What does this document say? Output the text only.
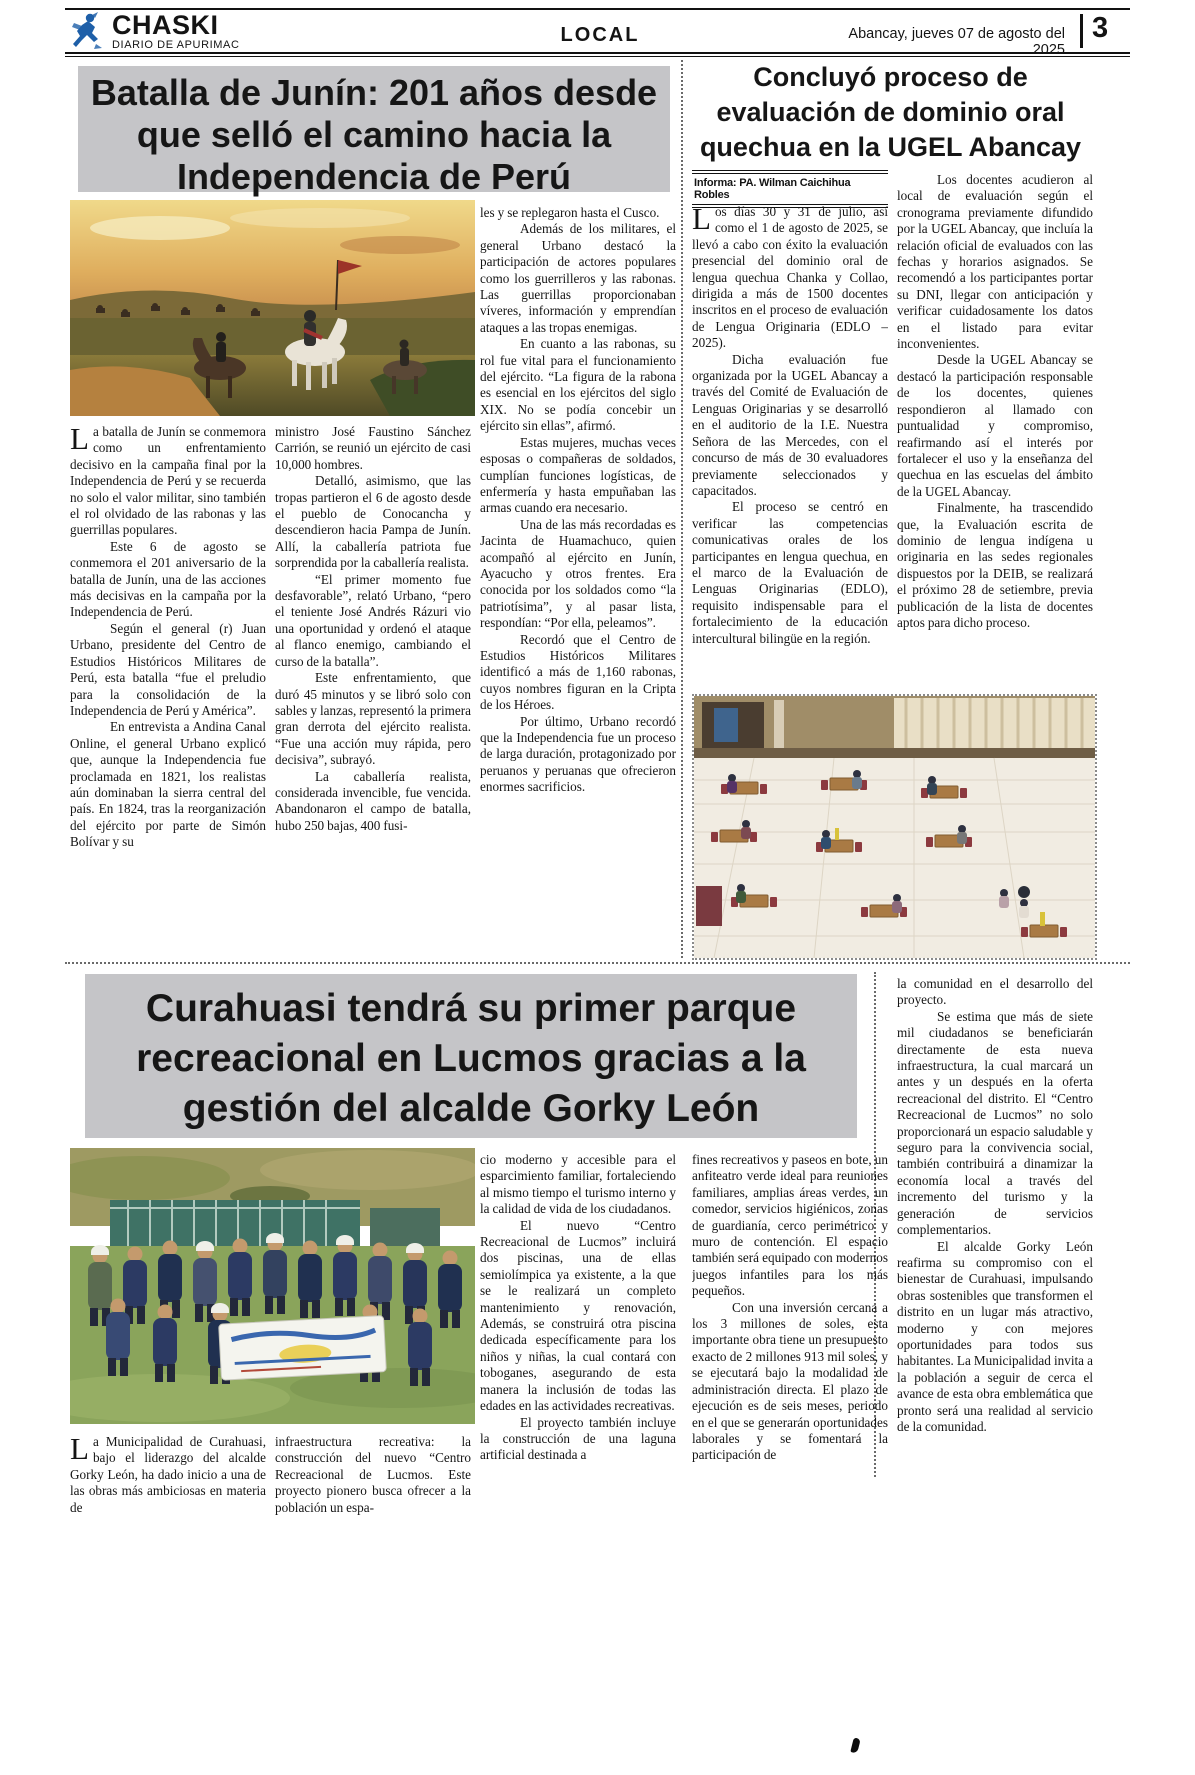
CHASKI
DIARIO DE APURIMAC	LOCAL	Abancay, jueves 07 de agosto del 2025
3
Batalla de Junín: 201 años desde que selló el camino hacia la Independencia de Perú

La batalla de Junín se conmemora como un enfrentamiento decisivo en la campaña final por la Independencia de Perú y se recuerda no solo el valor militar, sino también el rol olvidado de las rabonas y las guerrillas populares.

Este 6 de agosto se conmemora el 201 aniversario de la batalla de Junín, una de las acciones más decisivas en la campaña por la Independencia de Perú.

Según el general (r) Juan Urbano, presidente del Centro de Estudios Históricos Militares de Perú, esta batalla “fue el preludio para la consolidación de la Independencia de Perú y América”.

En entrevista a Andina Canal Online, el general Urbano explicó que, aunque la Independencia fue proclamada en 1821, los realistas aún dominaban la sierra central del país. En 1824, tras la reorganización del ejército por parte de Simón Bolívar y su

ministro José Faustino Sánchez Carrión, se reunió un ejército de casi 10,000 hombres.

Detalló, asimismo, que las tropas partieron el 6 de agosto desde el pueblo de Conocancha y descendieron hacia Pampa de Junín. Allí, la caballería patriota fue sorprendida por la caballería realista.

“El primer momento fue desfavorable”, relató Urbano, “pero el teniente José Andrés Rázuri vio una oportunidad y ordenó el ataque al flanco enemigo, cambiando el curso de la batalla”.

Este enfrentamiento, que duró 45 minutos y se libró solo con sables y lanzas, representó la primera gran derrota del ejército realista. “Fue una acción muy rápida, pero decisiva”, subrayó.

La caballería realista, considerada invencible, fue vencida. Abandonaron el campo de batalla, hubo 250 bajas, 400 fusi-

les y se replegaron hasta el Cusco.

Además de los militares, el general Urbano destacó la participación de actores populares como los guerrilleros y las rabonas. Las guerrillas proporcionaban víveres, información y emprendían ataques a las tropas enemigas.

En cuanto a las rabonas, su rol fue vital para el funcionamiento del ejército. “La figura de la rabona es esencial en los ejércitos del siglo XIX. No se podía concebir un ejército sin ellas”, afirmó.

Estas mujeres, muchas veces esposas o compañeras de soldados, cumplían funciones logísticas, de enfermería y hasta empuñaban las armas cuando era necesario.

Una de las más recordadas es Jacinta de Huamachuco, quien acompañó al ejército en Junín, Ayacucho y otros frentes. Era conocida por los soldados como “la patriotísima”, y al pasar lista, respondían: “Por ella, peleamos”.

Recordó que el Centro de Estudios Históricos Militares identificó a más de 1,160 rabonas, cuyos nombres figuran en la Cripta de los Héroes.

Por último, Urbano recordó que la Independencia fue un proceso de larga duración, protagonizado por peruanos y peruanas que ofrecieron enormes sacrificios.

Concluyó proceso de evaluación de dominio oral quechua en la UGEL Abancay
Informa: PA. Wilman Caichihua Robles

Los días 30 y 31 de julio, así como el 1 de agosto de 2025, se llevó a cabo con éxito la evaluación presencial del dominio oral de lengua quechua Chanka y Collao, dirigida a más de 1500 docentes inscritos en el proceso de evaluación de Lengua Originaria (EDLO – 2025).

Dicha evaluación fue organizada por la UGEL Abancay a través del Comité de Evaluación de Lenguas Originarias y se desarrolló en el auditorio de la I.E. Nuestra Señora de las Mercedes, con el concurso de más de 30 evaluadores previamente seleccionados y capacitados.

El proceso se centró en verificar las competencias comunicativas orales de los participantes en lengua quechua, en el marco de la Evaluación de Lenguas Originarias (EDLO), requisito indispensable para el fortalecimiento de la educación intercultural bilingüe en la región.

Los docentes acudieron al local de evaluación según el cronograma previamente difundido por la UGEL Abancay, que incluía la relación oficial de evaluados con las fechas y horarios asignados. Se recomendó a los participantes portar su DNI, llegar con anticipación y verificar cuidadosamente los datos en el listado para evitar inconvenientes.

Desde la UGEL Abancay se destacó la participación responsable de los docentes, quienes respondieron al llamado con puntualidad y compromiso, reafirmando así el interés por fortalecer el uso y la enseñanza del quechua en las escuelas del ámbito de la UGEL Abancay.

Finalmente, ha trascendido que, la Evaluación escrita de dominio de lengua indígena u originaria en las sedes regionales dispuestos por la DEIB, se realizará el próximo 28 de setiembre, previa publicación de la lista de docentes aptos para dicho proceso.

Curahuasi tendrá su primer parque recreacional en Lucmos gracias a la gestión del alcalde Gorky León

la comunidad en el desarrollo del proyecto.

Se estima que más de siete mil ciudadanos se beneficiarán directamente de esta nueva infraestructura, la cual marcará un antes y un después en la oferta recreacional del distrito. El “Centro Recreacional de Lucmos” no solo proporcionará un espacio saludable y seguro para la convivencia social, también contribuirá a dinamizar la economía local a través del incremento del turismo y la generación de servicios complementarios.

El alcalde Gorky León reafirma su compromiso con el bienestar de Curahuasi, impulsando obras sostenibles que transformen el distrito en un lugar más atractivo, moderno y con mejores oportunidades para todos sus habitantes. La Municipalidad invita a la población a seguir de cerca el avance de esta obra emblemática que pronto será una realidad al servicio de la comunidad.

La Municipalidad de Curahuasi, bajo el liderazgo del alcalde Gorky León, ha dado inicio a una de las obras más ambiciosas en materia de

infraestructura recreativa: la construcción del nuevo “Centro Recreacional de Lucmos. Este proyecto pionero busca ofrecer a la población un espa-

cio moderno y accesible para el esparcimiento familiar, fortaleciendo al mismo tiempo el turismo interno y la calidad de vida de los ciudadanos.

El nuevo “Centro Recreacional de Lucmos” incluirá dos piscinas, una de ellas semiolímpica ya existente, a la que se le realizará un completo mantenimiento y renovación, Además, se construirá otra piscina dedicada específicamente para los niños y niñas, la cual contará con toboganes, asegurando de esta manera la inclusión de todas las edades en las actividades recreativas.

El proyecto también incluye la construcción de una laguna artificial destinada a

fines recreativos y paseos en bote, un anfiteatro verde ideal para reuniones familiares, amplias áreas verdes, un comedor, servicios higiénicos, zonas de guardianía, cerco perimétrico y muro de contención. El espacio también será equipado con modernos juegos infantiles para los más pequeños.

Con una inversión cercana a los 3 millones de soles, esta importante obra tiene un presupuesto exacto de 2 millones 913 mil soles, y se ejecutará bajo la modalidad de administración directa. El plazo de ejecución es de seis meses, periodo en el que se generarán oportunidades laborales y se fomentará la participación de
